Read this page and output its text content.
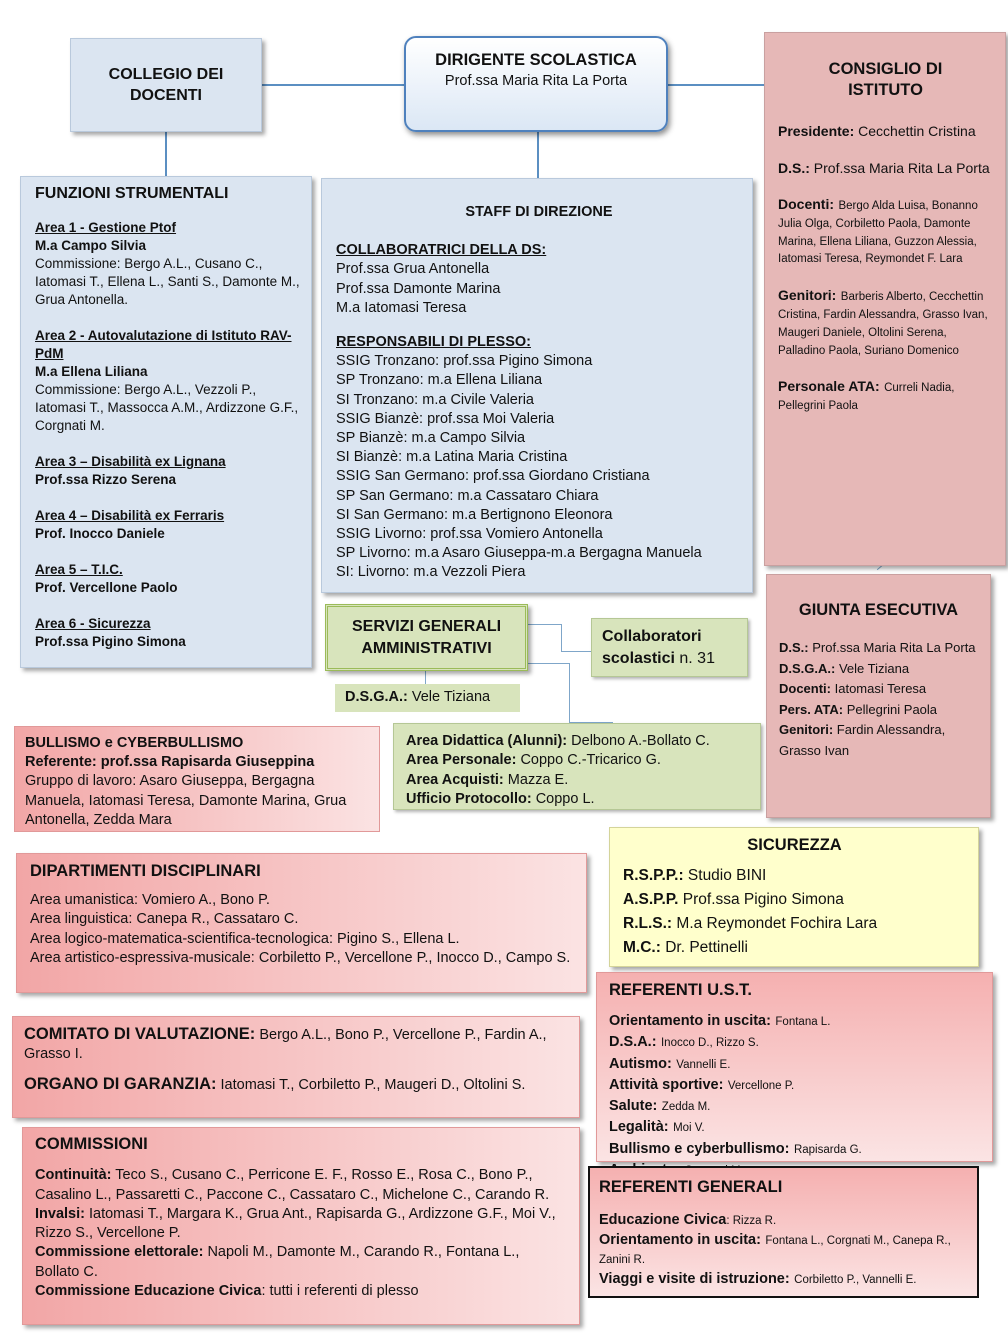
COLLEGIO DEI DOCENTI
DIRIGENTE SCOLASTICA
Prof.ssa Maria Rita La Porta
CONSIGLIO DI ISTITUTO
Presidente: Cecchettin Cristina
D.S.: Prof.ssa Maria Rita La Porta
Docenti: Bergo Alda Luisa, Bonanno Julia Olga, Corbiletto Paola, Damonte Marina, Ellena Liliana, Guzzon Alessia, Iatomasi Teresa, Reymondet F. Lara
Genitori: Barberis Alberto, Cecchettin Cristina, Fardin Alessandra, Grasso Ivan, Maugeri Daniele, Oltolini Serena, Palladino Paola, Suriano Domenico
Personale ATA: Curreli Nadia, Pellegrini Paola
FUNZIONI STRUMENTALI
Area 1 - Gestione Ptof
M.a Campo Silvia
Commissione: Bergo A.L., Cusano C., Iatomasi T., Ellena L., Santi S., Damonte M., Grua Antonella.
Area 2 - Autovalutazione di Istituto RAV-PdM
M.a Ellena Liliana
Commissione: Bergo A.L., Vezzoli P., Iatomasi T., Massocca A.M., Ardizzone G.F., Corgnati M.
Area 3 – Disabilità ex Lignana
Prof.ssa Rizzo Serena
Area 4 – Disabilità ex Ferraris
Prof. Inocco Daniele
Area 5 – T.I.C.
Prof. Vercellone Paolo
Area 6 - Sicurezza
Prof.ssa Pigino Simona
STAFF DI DIREZIONE
COLLABORATRICI DELLA DS:
Prof.ssa Grua Antonella
Prof.ssa Damonte Marina
M.a Iatomasi Teresa
RESPONSABILI DI PLESSO:
SSIG Tronzano: prof.ssa Pigino Simona
SP Tronzano: m.a Ellena Liliana
SI Tronzano: m.a Civile Valeria
SSIG Bianzè: prof.ssa Moi Valeria
SP Bianzè: m.a Campo Silvia
SI Bianzè: m.a Latina Maria Cristina
SSIG San Germano: prof.ssa Giordano Cristiana
SP San Germano: m.a Cassataro Chiara
SI San Germano: m.a Bertignono Eleonora
SSIG Livorno: prof.ssa Vomiero Antonella
SP Livorno: m.a Asaro Giuseppa-m.a Bergagna Manuela
SI: Livorno: m.a Vezzoli Piera
SERVIZI GENERALI AMMINISTRATIVI
Collaboratori scolastici n. 31
D.S.G.A.: Vele Tiziana
GIUNTA ESECUTIVA
D.S.: Prof.ssa Maria Rita La Porta
D.S.G.A.: Vele Tiziana
Docenti: Iatomasi Teresa
Pers. ATA: Pellegrini Paola
Genitori: Fardin Alessandra, Grasso Ivan
BULLISMO e CYBERBULLISMO
Referente: prof.ssa Rapisarda Giuseppina
Gruppo di lavoro: Asaro Giuseppa, Bergagna Manuela, Iatomasi Teresa, Damonte Marina, Grua Antonella, Zedda Mara
Area Didattica (Alunni): Delbono A.-Bollato C.
Area Personale: Coppo C.-Tricarico G.
Area Acquisti: Mazza E.
Ufficio Protocollo: Coppo L.
SICUREZZA
R.S.P.P.: Studio BINI
A.S.P.P. Prof.ssa Pigino Simona
R.L.S.: M.a Reymondet Fochira Lara
M.C.: Dr. Pettinelli
DIPARTIMENTI DISCIPLINARI
Area umanistica: Vomiero A., Bono P.
Area linguistica: Canepa R., Cassataro C.
Area logico-matematica-scientifica-tecnologica: Pigino S., Ellena L.
Area artistico-espressiva-musicale: Corbiletto P., Vercellone P., Inocco D., Campo S.
REFERENTI U.S.T.
Orientamento in uscita: Fontana L.
D.S.A.: Inocco D., Rizzo S.
Autismo: Vannelli E.
Attività sportive: Vercellone P.
Salute: Zedda M.
Legalità: Moi V.
Bullismo e cyberbullismo: Rapisarda G.
COMITATO DI VALUTAZIONE: Bergo A.L., Bono P., Vercellone P., Fardin A., Grasso I.
ORGANO DI GARANZIA: Iatomasi T., Corbiletto P., Maugeri D., Oltolini S.
COMMISSIONI
Continuità: Teco S., Cusano C., Perricone E. F., Rosso E., Rosa C., Bono P., Casalino L., Passaretti C., Paccone C., Cassataro C., Michelone C., Carando R.
Invalsi: Iatomasi T., Margara K., Grua Ant., Rapisarda G., Ardizzone G.F., Moi V., Rizzo S., Vercellone P.
Commissione elettorale: Napoli M., Damonte M., Carando R., Fontana L., Bollato C.
Commissione Educazione Civica: tutti i referenti di plesso
REFERENTI GENERALI
Educazione Civica: Rizza R.
Orientamento in uscita: Fontana L., Corgnati M., Canepa R., Zanini R.
Viaggi e visite di istruzione: Corbiletto P., Vannelli E.
